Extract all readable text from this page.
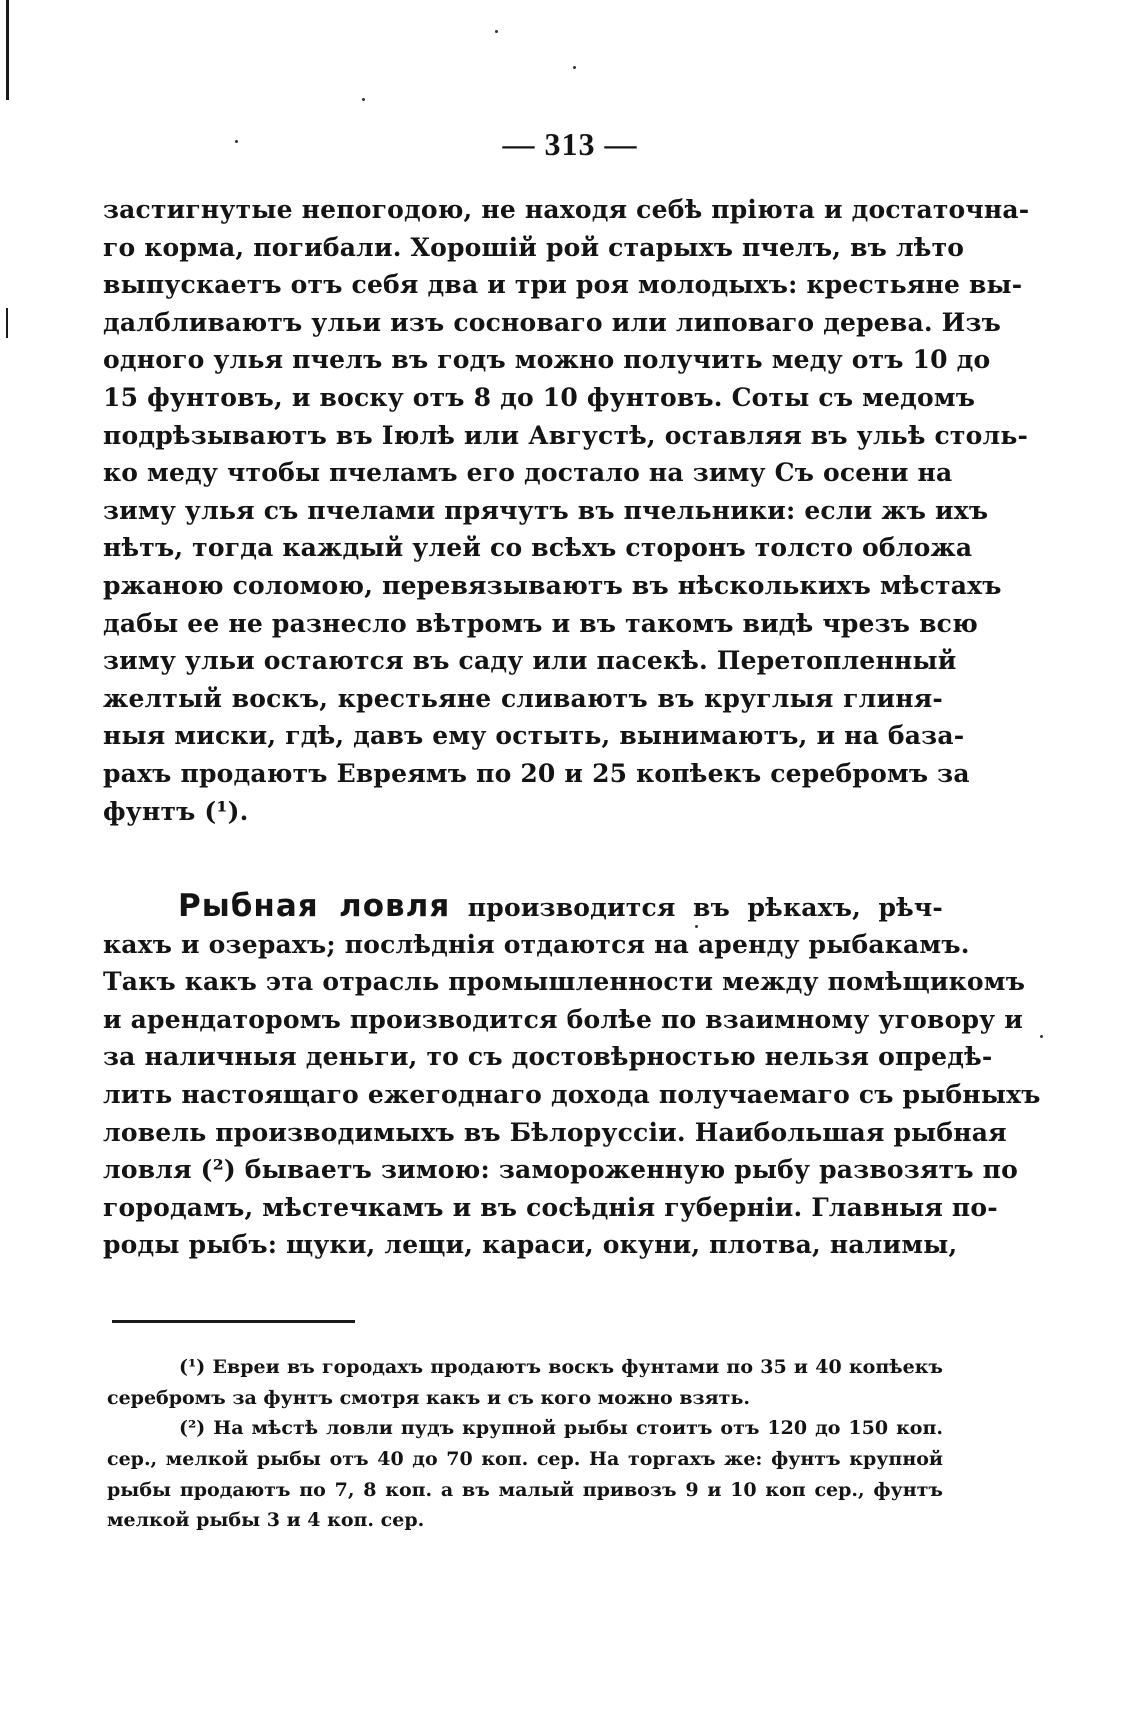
— 313 —
застигнутые непогодою, не находя себѣ пріюта и достаточна-
го корма, погибали. Хорошій рой старыхъ пчелъ, въ лѣто
выпускаетъ отъ себя два и три роя молодыхъ: крестьяне вы-
далбливаютъ ульи изъ сосноваго или липоваго дерева. Изъ
одного улья пчелъ въ годъ можно получить меду отъ 10 до
15 фунтовъ, и воску отъ 8 до 10 фунтовъ. Соты съ медомъ
подрѣзываютъ въ Іюлѣ или Августѣ, оставляя въ ульѣ столь-
ко меду чтобы пчеламъ его достало на зиму Съ осени на
зиму улья съ пчелами прячутъ въ пчельники: если жъ ихъ
нѣтъ, тогда каждый улей со всѣхъ сторонъ толсто обложа
ржаною соломою, перевязываютъ въ нѣсколькихъ мѣстахъ
дабы ее не разнесло вѣтромъ и въ такомъ видѣ чрезъ всю
зиму ульи остаются въ саду или пасекѣ. Перетопленный
желтый воскъ, крестьяне сливаютъ въ круглыя глиня-
ныя миски, гдѣ, давъ ему остыть, вынимаютъ, и на база-
рахъ продаютъ Евреямъ по 20 и 25 копѣекъ серебромъ за
фунтъ (¹).
Рыбная ловля производится въ рѣкахъ, рѣч-
кахъ и озерахъ; послѣднія отдаются на аренду рыбакамъ.
Такъ какъ эта отрасль промышленности между помѣщикомъ
и арендаторомъ производится болѣе по взаимному уговору и
за наличныя деньги, то съ достовѣрностью нельзя опредѣ-
лить настоящаго ежегоднаго дохода получаемаго съ рыбныхъ
ловель производимыхъ въ Бѣлоруссіи. Наибольшая рыбная
ловля (²) бываетъ зимою: замороженную рыбу развозятъ по
городамъ, мѣстечкамъ и въ сосѣднія губерніи. Главныя по-
роды рыбъ: щуки, лещи, караси, окуни, плотва, налимы,
(¹) Евреи въ городахъ продаютъ воскъ фунтами по 35 и 40 копѣекъ
серебромъ за фунтъ смотря какъ и съ кого можно взять.
(²) На мѣстѣ ловли пудъ крупной рыбы стоитъ отъ 120 до 150 коп.
сер., мелкой рыбы отъ 40 до 70 коп. сер. На торгахъ же: фунтъ крупной
рыбы продаютъ по 7, 8 коп. а въ малый привозъ 9 и 10 коп сер., фунтъ
мелкой рыбы 3 и 4 коп. сер.
